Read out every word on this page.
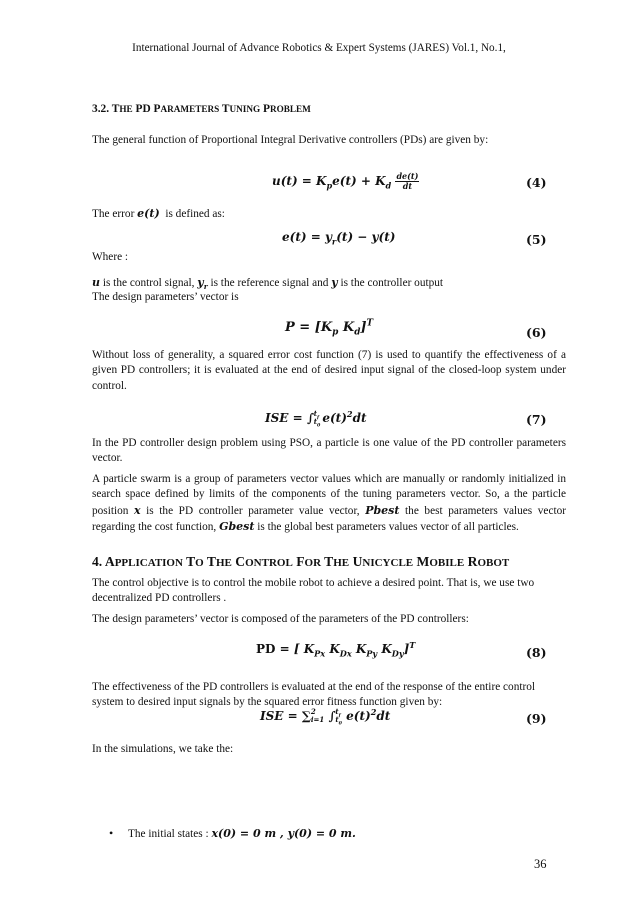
International Journal of Advance Robotics & Expert Systems (JARES) Vol.1, No.1,
3.2. THE PD PARAMETERS TUNING PROBLEM
The general function of Proportional Integral Derivative controllers (PDs) are given by:
$u(t) = K_pe(t) + K_d \frac{de(t)}{dt}$	(4)
The error e(t) is defined as:
$e(t) = y_r(t) - y(t)$	(5)
Where :
u is the control signal, $y_r$ is the reference signal and y is the controller output
The design parameters’ vector is
$P = [K_p$ $K_d]^T$
(6)
Without loss of generality, a squared error cost function (7) is used to quantify the effectiveness of a given PD controllers; it is evaluated at the end of desired input signal of the closed-loop system under control.
ISE = ∫ $t_f$
$t_0$
$e(t)^2dt$	(7)
In the PD controller design problem using PSO, a particle is one value of the PD controller parameters vector.
A particle swarm is a group of parameters vector values which are manually or randomly initialized in search space defined by limits of the components of the tuning parameters vector. So, a the particle position x is the PD controller parameter value vector, Pbest the best parameters values vector regarding the cost function, Gbest is the global best parameters values vector of all particles.
4. APPLICATION TO THE CONTROL FOR THE UNICYCLE MOBILE ROBOT
The control objective is to control the mobile robot to achieve a desired point. That is, we use two decentralized PD controllers .
The design parameters’ vector is composed of the parameters of the PD controllers:
PD = [ $K_{Px}$ $K_{Dx}$ $K_{Py}$ $K_{Dy}]^T$	(8)
The effectiveness of the PD controllers is evaluated at the end of the response of the entire control system to desired input signals by the squared error fitness function given by:
ISE = ∑ 2
i=1 ∫ $t_f$
$t_0$
$e(t)^2dt$	(9)
In the simulations, we take the:
• The initial states : x(0) = 0 m , y(0) = 0 m.
36
